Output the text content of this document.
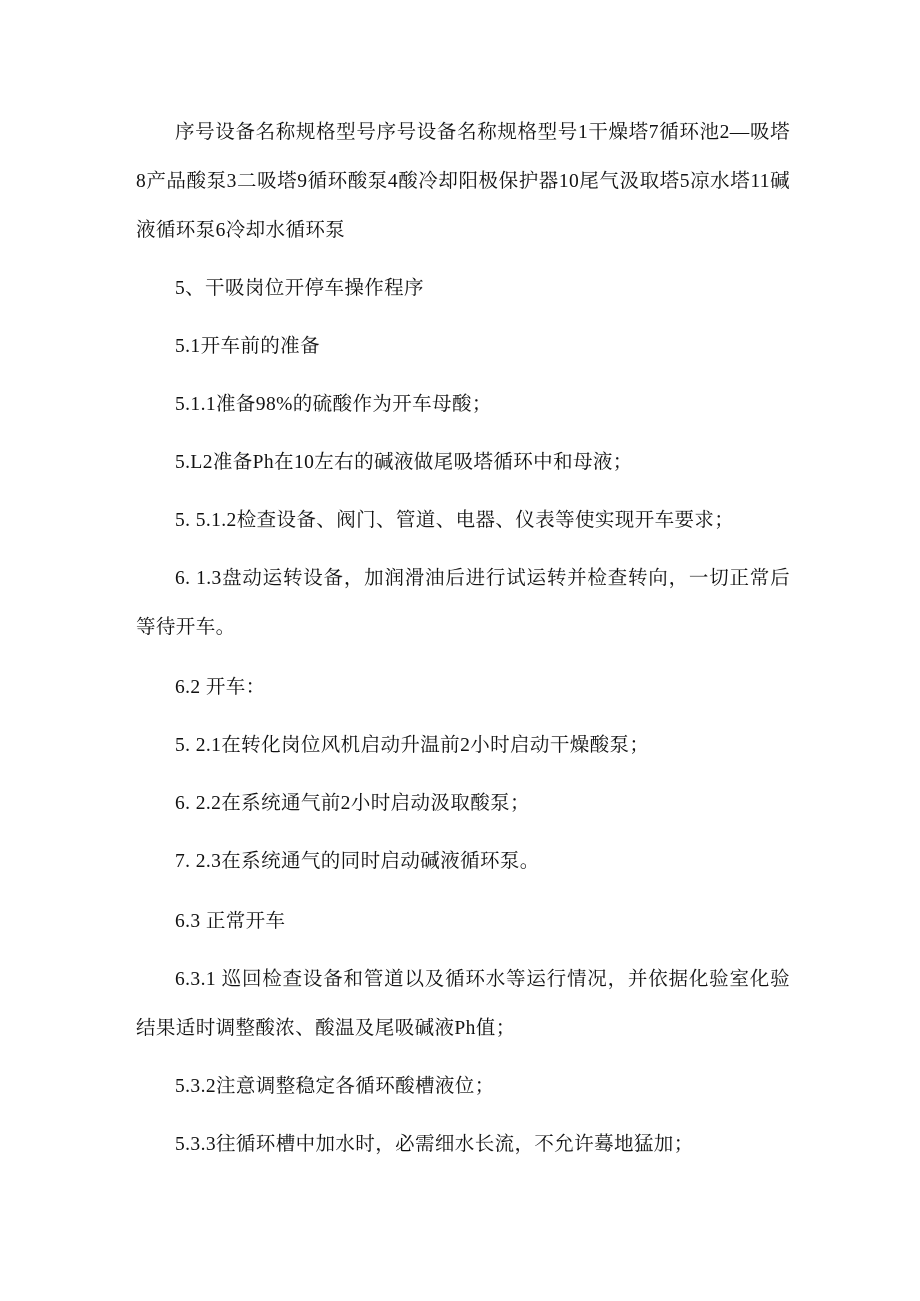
序号设备名称规格型号序号设备名称规格型号1干燥塔7循环池2—吸塔8产品酸泵3二吸塔9循环酸泵4酸冷却阳极保护器10尾气汲取塔5凉水塔11碱液循环泵6冷却水循环泵

5、干吸岗位开停车操作程序

5.1开车前的准备

5.1.1准备98%的硫酸作为开车母酸；

5.L2准备Ph在10左右的碱液做尾吸塔循环中和母液；

5. 5.1.2检查设备、阀门、管道、电器、仪表等使实现开车要求；

6. 1.3盘动运转设备，加润滑油后进行试运转并检查转向，一切正常后等待开车。

6.2 开车：

5. 2.1在转化岗位风机启动升温前2小时启动干燥酸泵；

6. 2.2在系统通气前2小时启动汲取酸泵；

7. 2.3在系统通气的同时启动碱液循环泵。

6.3 正常开车

6.3.1 巡回检查设备和管道以及循环水等运行情况，并依据化验室化验结果适时调整酸浓、酸温及尾吸碱液Ph值；

5.3.2注意调整稳定各循环酸槽液位；

5.3.3往循环槽中加水时，必需细水长流，不允许蓦地猛加；
